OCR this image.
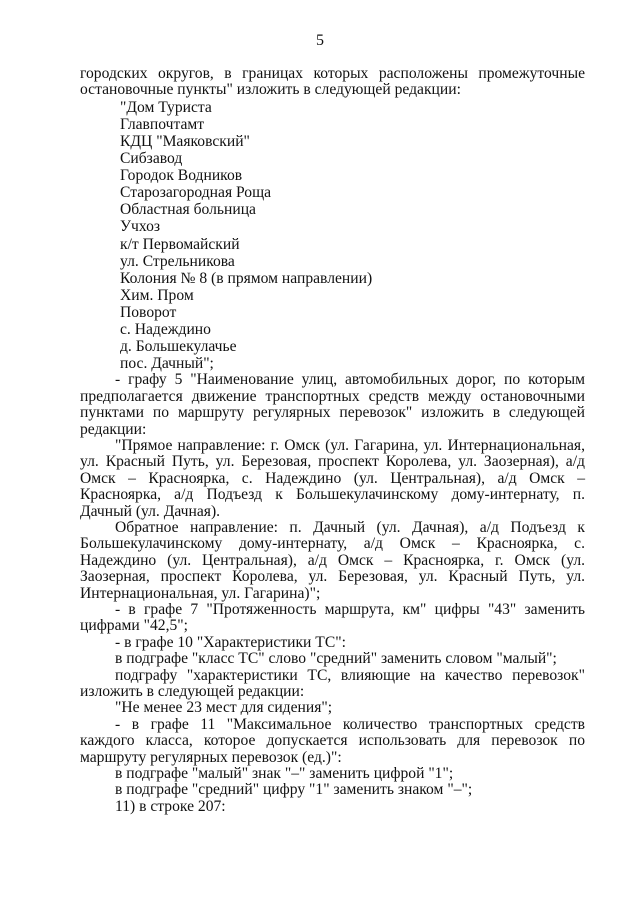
5

городских округов, в границах которых расположены промежуточные

остановочные пункты" изложить в следующей редакции:

"Дом Туриста
Главпочтамт
КДЦ "Маяковский"
Сибзавод
Городок Водников
Старозагородная Роща
Областная больница
Учхоз
к/т Первомайский
ул. Стрельникова
Колония № 8 (в прямом направлении)
Хим. Пром
Поворот
с. Надеждино
д. Большекулачье
пос. Дачный";

- графу 5 "Наименование улиц, автомобильных дорог, по которым предполагается движение транспортных средств между остановочными пунктами по маршруту регулярных перевозок" изложить в следующей редакции:

"Прямое направление: г. Омск (ул. Гагарина, ул. Интернациональная, ул. Красный Путь, ул. Березовая, проспект Королева, ул. Заозерная), а/д Омск – Красноярка, с. Надеждино (ул. Центральная), а/д Омск – Красноярка, а/д Подъезд к Большекулачинскому дому-интернату, п. Дачный (ул. Дачная).

Обратное направление: п. Дачный (ул. Дачная), а/д Подъезд к Большекулачинскому дому-интернату, а/д Омск – Красноярка, с. Надеждино (ул. Центральная), а/д Омск – Красноярка, г. Омск (ул. Заозерная, проспект Королева, ул. Березовая, ул. Красный Путь, ул. Интернациональная, ул. Гагарина)";

- в графе 7 "Протяженность маршрута, км" цифры "43" заменить цифрами "42,5";

- в графе 10 "Характеристики ТС":

в подграфе "класс ТС" слово "средний" заменить словом "малый";

подграфу "характеристики ТС, влияющие на качество перевозок" изложить в следующей редакции:

"Не менее 23 мест для сидения";

- в графе 11 "Максимальное количество транспортных средств каждого класса, которое допускается использовать для перевозок по маршруту регулярных перевозок (ед.)":

в подграфе "малый" знак "–" заменить цифрой "1";

в подграфе "средний" цифру "1" заменить знаком "–";

11) в строке 207:
